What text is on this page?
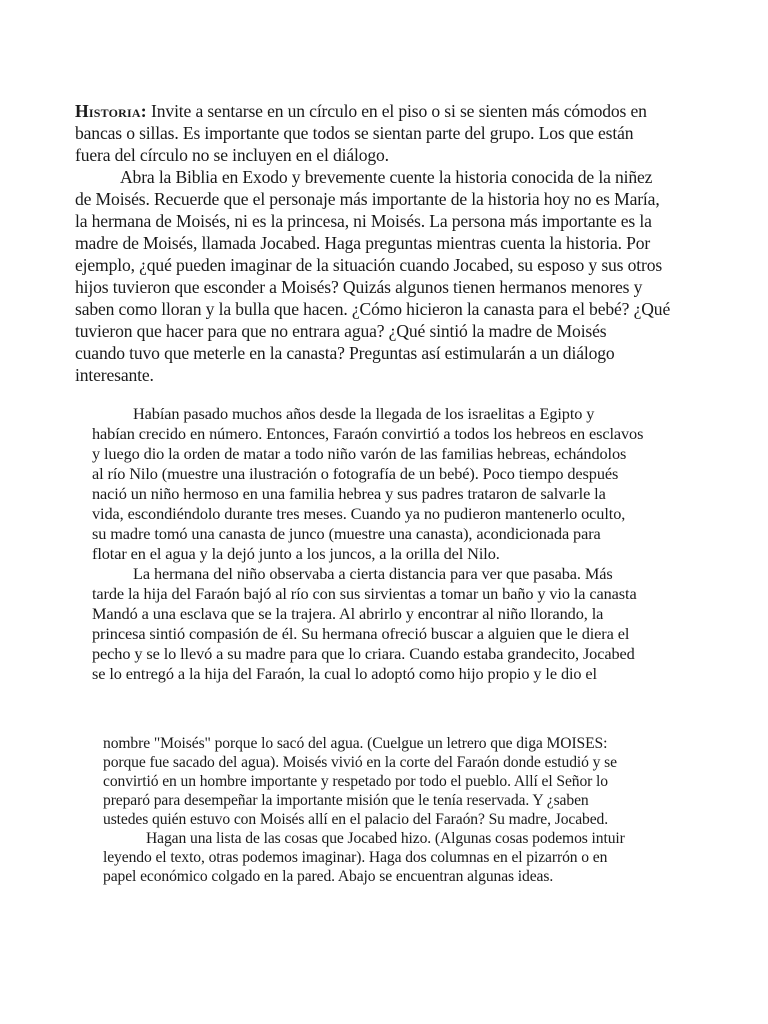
Historia: Invite a sentarse en un círculo en el piso o si se sienten más cómodos en

bancas o sillas. Es importante que todos se sientan parte del grupo. Los que están

fuera del círculo no se incluyen en el diálogo.

Abra la Biblia en Exodo y brevemente cuente la historia conocida de la niñez

de Moisés. Recuerde que el personaje más importante de la historia hoy no es María,

la hermana de Moisés, ni es la princesa, ni Moisés. La persona más importante es la

madre de Moisés, llamada Jocabed. Haga preguntas mientras cuenta la historia. Por

ejemplo, ¿qué pueden imaginar de la situación cuando Jocabed, su esposo y sus otros

hijos tuvieron que esconder a Moisés? Quizás algunos tienen hermanos menores y

saben como lloran y la bulla que hacen. ¿Cómo hicieron la canasta para el bebé? ¿Qué

tuvieron que hacer para que no entrara agua? ¿Qué sintió la madre de Moisés

cuando tuvo que meterle en la canasta? Preguntas así estimularán a un diálogo

interesante.

Habían pasado muchos años desde la llegada de los israelitas a Egipto y

habían crecido en número. Entonces, Faraón convirtió a todos los hebreos en esclavos

y luego dio la orden de matar a todo niño varón de las familias hebreas, echándolos

al río Nilo (muestre una ilustración o fotografía de un bebé). Poco tiempo después

nació un niño hermoso en una familia hebrea y sus padres trataron de salvarle la

vida, escondiéndolo durante tres meses. Cuando ya no pudieron mantenerlo oculto,

su madre tomó una canasta de junco (muestre una canasta), acondicionada para

flotar en el agua y la dejó junto a los juncos, a la orilla del Nilo.

La hermana del niño observaba a cierta distancia para ver que pasaba. Más

tarde la hija del Faraón bajó al río con sus sirvientas a tomar un baño y vio la canasta

Mandó a una esclava que se la trajera. Al abrirlo y encontrar al niño llorando, la

princesa sintió compasión de él. Su hermana ofreció buscar a alguien que le diera el

pecho y se lo llevó a su madre para que lo criara. Cuando estaba grandecito, Jocabed

se lo entregó a la hija del Faraón, la cual lo adoptó como hijo propio y le dio el

nombre "Moisés" porque lo sacó del agua. (Cuelgue un letrero que diga MOISES:

porque fue sacado del agua). Moisés vivió en la corte del Faraón donde estudió y se

convirtió en un hombre importante y respetado por todo el pueblo. Allí el Señor lo

preparó para desempeñar la importante misión que le tenía reservada. Y ¿saben

ustedes quién estuvo con Moisés allí en el palacio del Faraón? Su madre, Jocabed.

Hagan una lista de las cosas que Jocabed hizo. (Algunas cosas podemos intuir

leyendo el texto, otras podemos imaginar). Haga dos columnas en el pizarrón o en

papel económico colgado en la pared. Abajo se encuentran algunas ideas.
